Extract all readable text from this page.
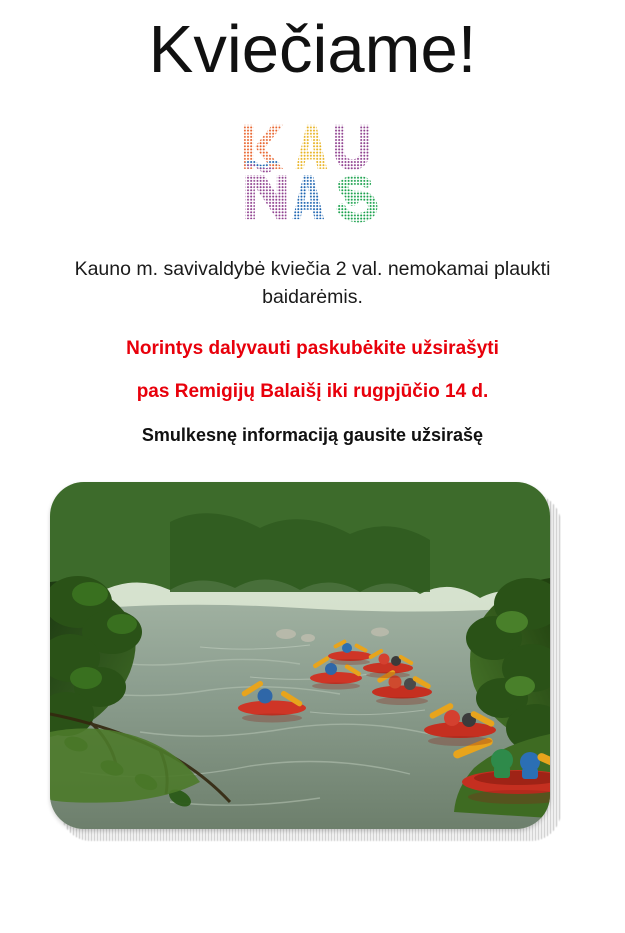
Kviečiame!
Kauno m. savivaldybė kviečia 2 val. nemokamai plaukti
baidarėmis.
Norintys dalyvauti paskubėkite užsirašyti
pas Remigijų Balaišį iki rugpjūčio 14 d.
Smulkesnę informaciją gausite užsirašę
